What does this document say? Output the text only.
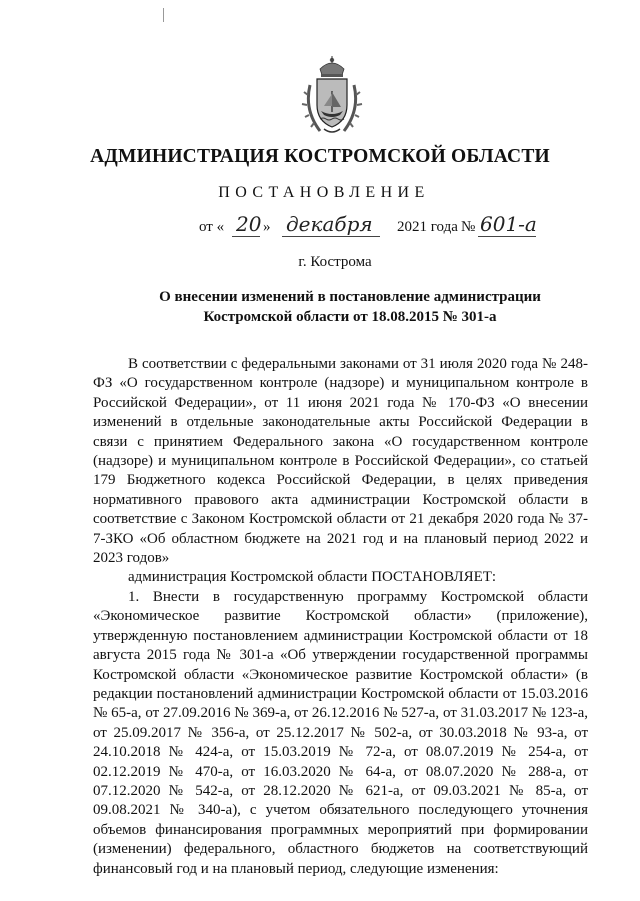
АДМИНИСТРАЦИЯ КОСТРОМСКОЙ ОБЛАСТИ
ПОСТАНОВЛЕНИЕ
от « 20 » декабря 2021 года № 601-а
г. Кострома
О внесении изменений в постановление администрации
Костромской области от 18.08.2015 № 301-а

В соответствии с федеральными законами от 31 июля 2020 года № 248-ФЗ «О государственном контроле (надзоре) и муниципальном контроле в Российской Федерации», от 11 июня 2021 года № 170-ФЗ «О внесении изменений в отдельные законодательные акты Российской Федерации в связи с принятием Федерального закона «О государственном контроле (надзоре) и муниципальном контроле в Российской Федерации», со статьей 179 Бюджетного кодекса Российской Федерации, в целях приведения нормативного правового акта администрации Костромской области в соответствие с Законом Костромской области от 21 декабря 2020 года № 37-7-ЗКО «Об областном бюджете на 2021 год и на плановый период 2022 и 2023 годов»

администрация Костромской области ПОСТАНОВЛЯЕТ:

1. Внести в государственную программу Костромской области «Экономическое развитие Костромской области» (приложение), утвержденную постановлением администрации Костромской области от 18 августа 2015 года № 301-а «Об утверждении государственной программы Костромской области «Экономическое развитие Костромской области» (в редакции постановлений администрации Костромской области от 15.03.2016 № 65-а, от 27.09.2016 № 369-а, от 26.12.2016 № 527-а, от 31.03.2017 № 123-а, от 25.09.2017 № 356-а, от 25.12.2017 № 502-а, от 30.03.2018 № 93-а, от 24.10.2018 № 424-а, от 15.03.2019 № 72-а, от 08.07.2019 № 254-а, от 02.12.2019 № 470-а, от 16.03.2020 № 64-а, от 08.07.2020 № 288-а, от 07.12.2020 № 542-а, от 28.12.2020 № 621-а, от 09.03.2021 № 85-а, от 09.08.2021 № 340-а), с учетом обязательного последующего уточнения объемов финансирования программных мероприятий при формировании (изменении) федерального, областного бюджетов на соответствующий финансовый год и на плановый период, следующие изменения:
